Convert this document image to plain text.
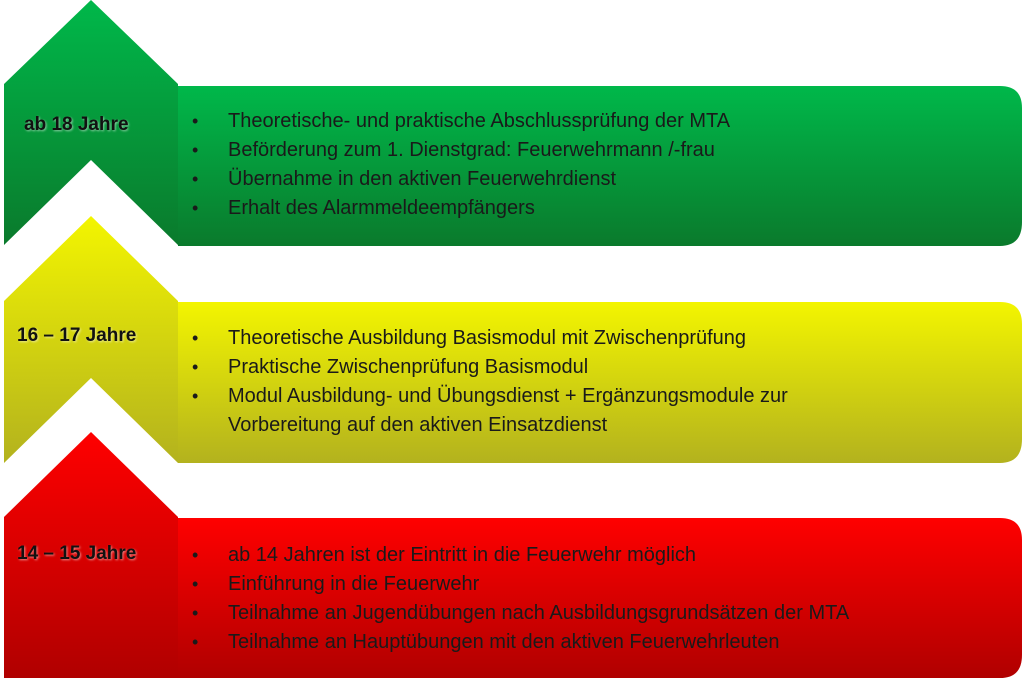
ab 18 Jahre	• Theoretische- und praktische Abschlussprüfung der MTA
• Beförderung zum 1. Dienstgrad: Feuerwehrmann /-frau
• Übernahme in den aktiven Feuerwehrdienst
• Erhalt des Alarmmeldeempfängers
16 – 17 Jahre	• Theoretische Ausbildung Basismodul mit Zwischenprüfung
• Praktische Zwischenprüfung Basismodul
• Modul Ausbildung- und Übungsdienst + Ergänzungsmodule zur Vorbereitung auf den aktiven Einsatzdienst
14 – 15 Jahre	• ab 14 Jahren ist der Eintritt in die Feuerwehr möglich
• Einführung in die Feuerwehr
• Teilnahme an Jugendübungen nach Ausbildungsgrundsätzen der MTA
• Teilnahme an Hauptübungen mit den aktiven Feuerwehrleuten
